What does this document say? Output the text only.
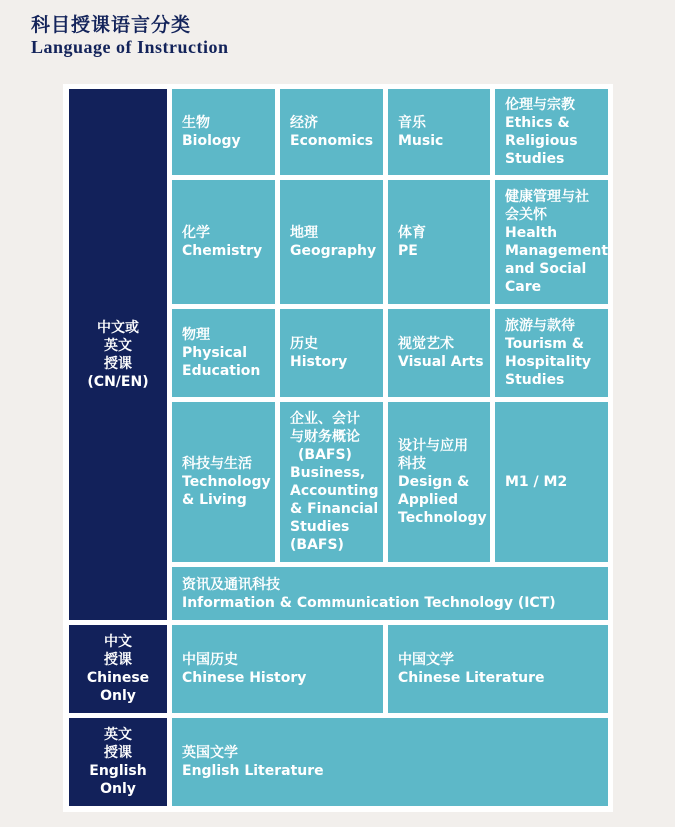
科目授课语言分类
Language of Instruction
中文或
英文
授课
(CN/EN)
中文
授课
Chinese
Only
英文
授课
English
Only
生物
Biology
经济
Economics
音乐
Music
伦理与宗教
Ethics &
Religious
Studies
化学
Chemistry
地理
Geography
体育
PE
健康管理与社
会关怀
Health
Management
and Social
Care
物理
Physical
Education
历史
History
视觉艺术
Visual Arts
旅游与款待
Tourism &
Hospitality
Studies
科技与生活
Technology
& Living
企业、会计
与财务概论
(BAFS)
Business,
Accounting
& Financial
Studies
(BAFS)
设计与应用
科技
Design &
Applied
Technology
M1 / M2
资讯及通讯科技
Information & Communication Technology (ICT)
中国历史
Chinese History
中国文学
Chinese Literature
英国文学
English Literature
